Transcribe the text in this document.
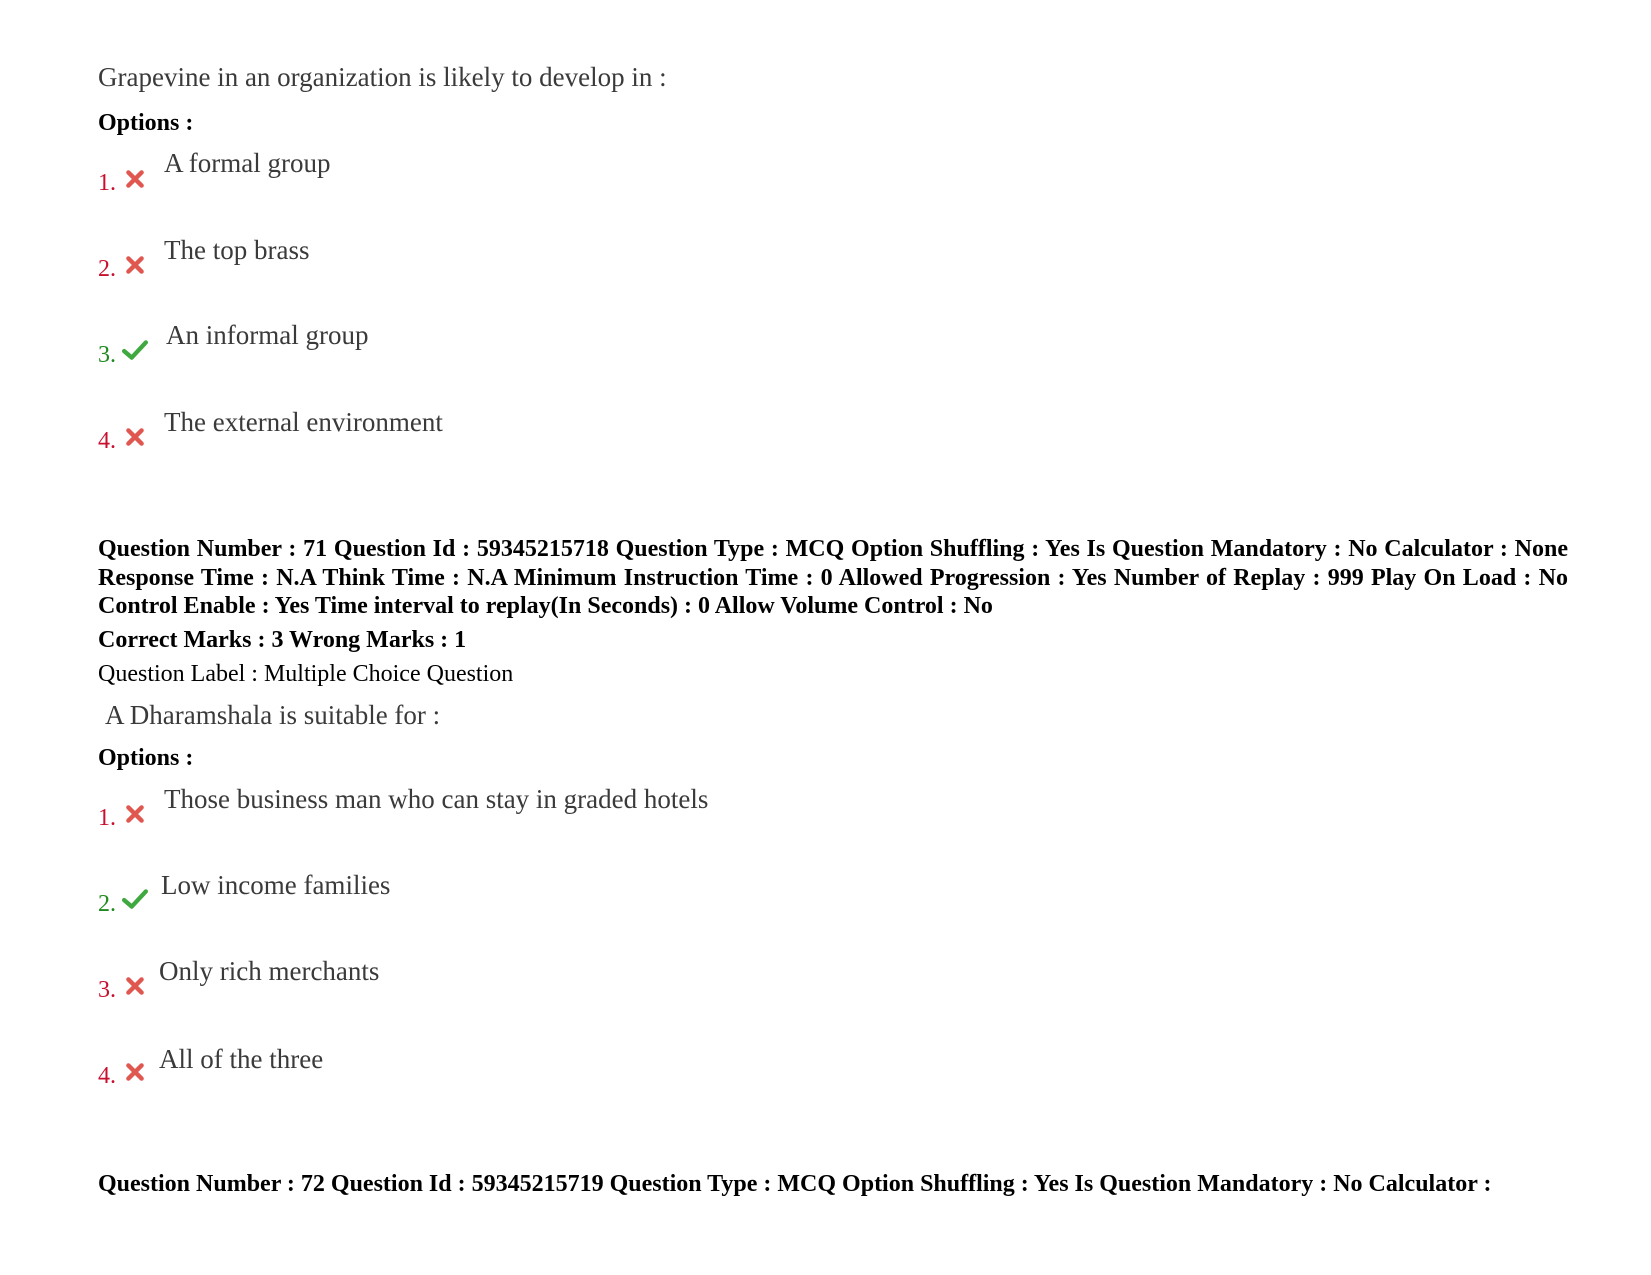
Grapevine in an organization is likely to develop in :
Options :
1.
A formal group
2.
The top brass
3.
An informal group
4.
The external environment
Question Number : 71 Question Id : 59345215718 Question Type : MCQ Option Shuffling : Yes Is Question Mandatory : No Calculator : None Response Time : N.A Think Time : N.A Minimum Instruction Time : 0 Allowed Progression : Yes Number of Replay : 999 Play On Load : No Control Enable : Yes Time interval to replay(In Seconds) : 0 Allow Volume Control : No
Correct Marks : 3 Wrong Marks : 1
Question Label : Multiple Choice Question
A Dharamshala is suitable for :
Options :
1.
Those business man who can stay in graded hotels
2.
Low income families
3.
Only rich merchants
4.
All of the three
Question Number : 72 Question Id : 59345215719 Question Type : MCQ Option Shuffling : Yes Is Question Mandatory : No Calculator :
